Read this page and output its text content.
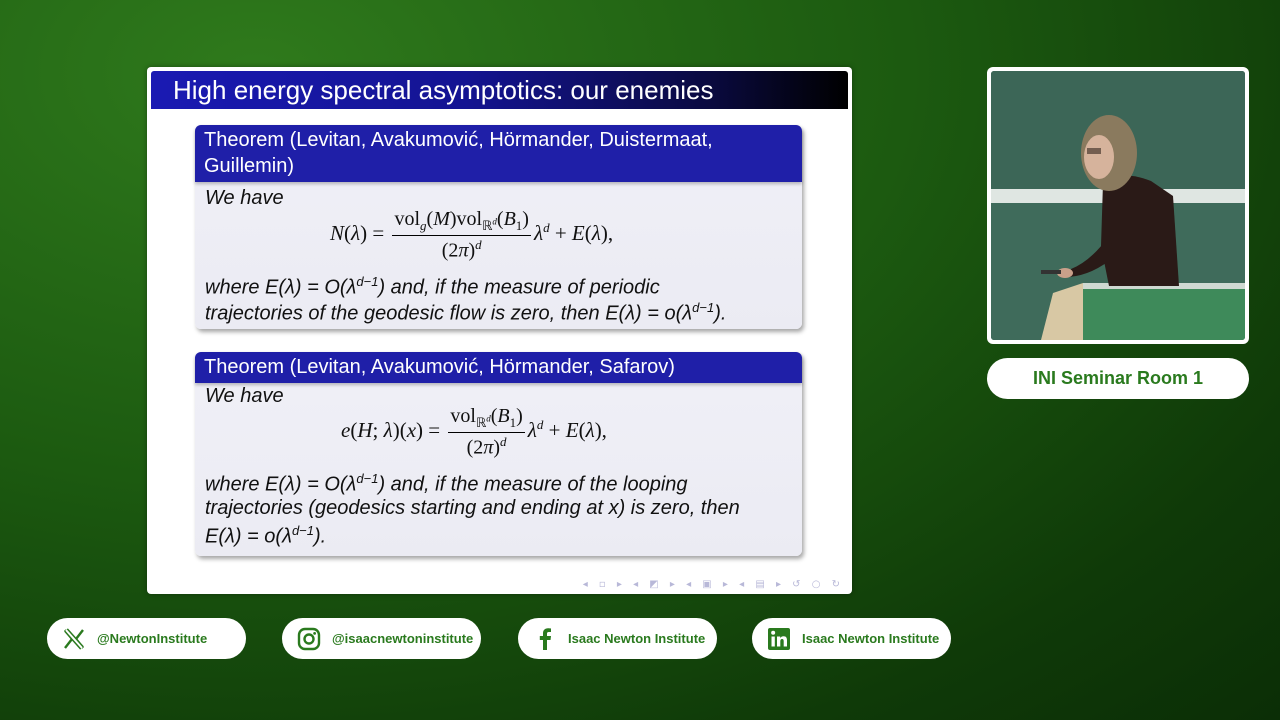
High energy spectral asymptotics: our enemies
Theorem (Levitan, Avakumović, Hörmander, Duistermaat, Guillemin)
We have
$N(\lambda) = \frac{vol_g(M)vol_{ℝ^d}(B_1)}{(2\pi)^d} \lambda^d + E(\lambda)$,
where $E(\lambda) = O(\lambda^{d-1})$ and, if the measure of periodic
trajectories of the geodesic flow is zero, then $E(\lambda) = o(\lambda^{d-1})$.
Theorem (Levitan, Avakumović, Hörmander, Safarov)
We have
e(H; $\lambda)(x) = \frac{vol_{ℝ^d}(B_1)}{(2\pi)^d} \lambda^d + E(\lambda)$,
where $E(\lambda) = O(\lambda^{d-1})$ and, if the measure of the looping
trajectories (geodesics starting and ending at x) is zero, then
$E(\lambda) = o(\lambda^{d-1})$.
◂ ▫ ▸ ◂ ◩ ▸ ◂ ▣ ▸ ◂ ▤ ▸ ↺ ○ ↻
INI Seminar Room 1
@NewtonInstitute	@isaacnewtoninstitute	Isaac Newton Institute	Isaac Newton Institute
